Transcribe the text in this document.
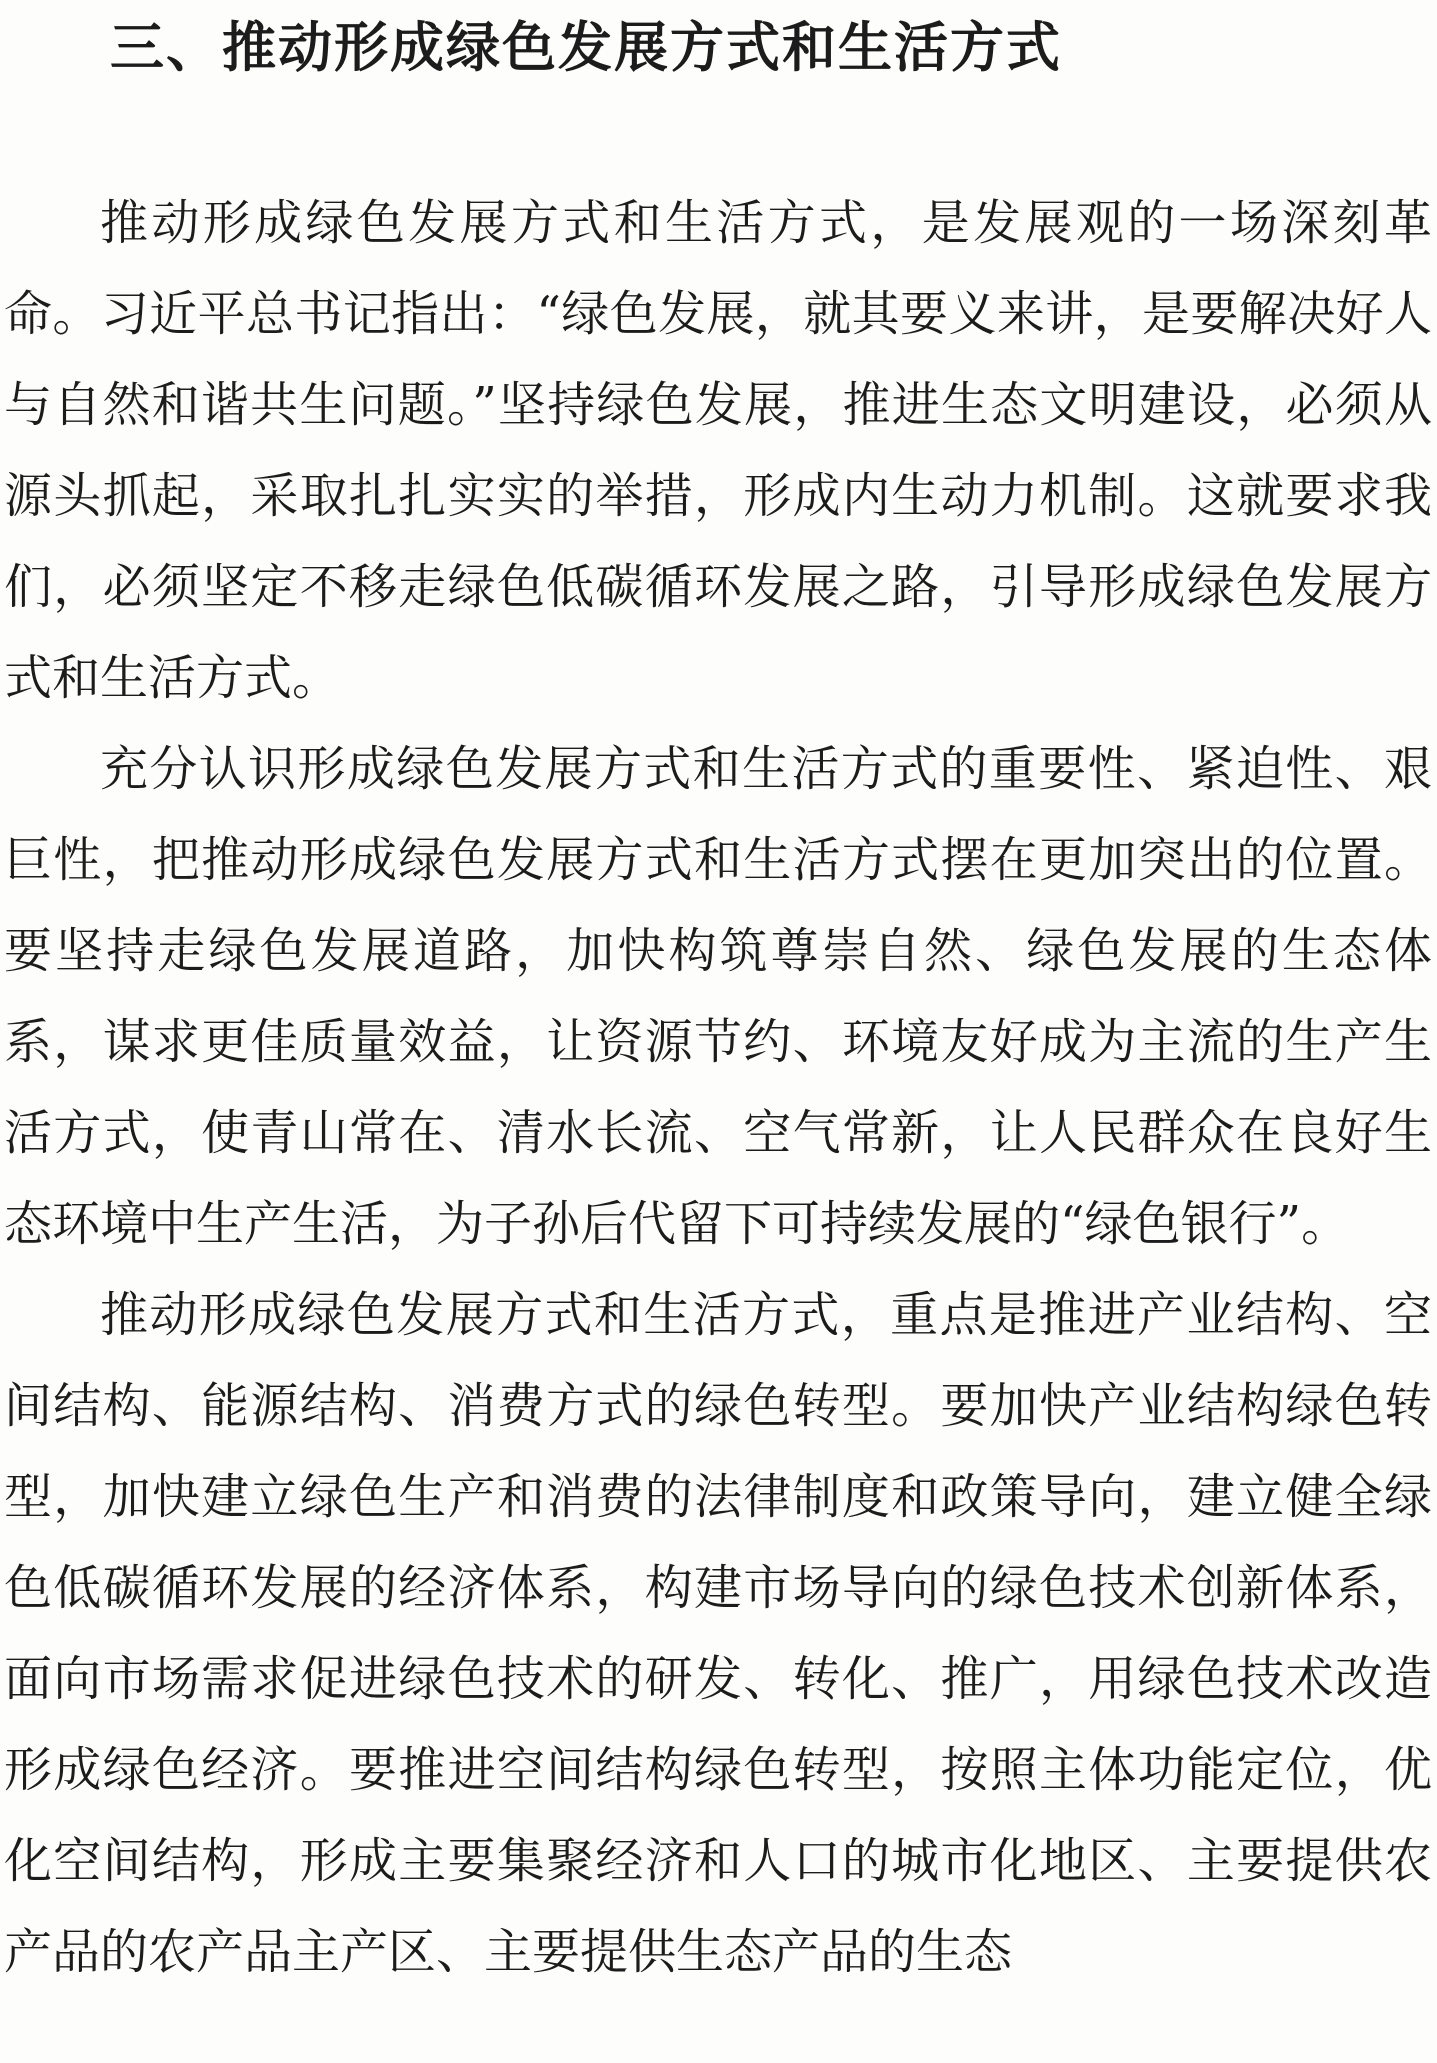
三、推动形成绿色发展方式和生活方式

推动形成绿色发展方式和生活方式，是发展观的一场深刻革命。习近平总书记指出：“绿色发展，就其要义来讲，是要解决好人与自然和谐共生问题。”坚持绿色发展，推进生态文明建设，必须从源头抓起，采取扎扎实实的举措，形成内生动力机制。这就要求我们，必须坚定不移走绿色低碳循环发展之路，引导形成绿色发展方式和生活方式。

充分认识形成绿色发展方式和生活方式的重要性、紧迫性、艰巨性，把推动形成绿色发展方式和生活方式摆在更加突出的位置。要坚持走绿色发展道路，加快构筑尊崇自然、绿色发展的生态体系，谋求更佳质量效益，让资源节约、环境友好成为主流的生产生活方式，使青山常在、清水长流、空气常新，让人民群众在良好生态环境中生产生活，为子孙后代留下可持续发展的“绿色银行”。

推动形成绿色发展方式和生活方式，重点是推进产业结构、空间结构、能源结构、消费方式的绿色转型。要加快产业结构绿色转型，加快建立绿色生产和消费的法律制度和政策导向，建立健全绿色低碳循环发展的经济体系，构建市场导向的绿色技术创新体系，面向市场需求促进绿色技术的研发、转化、推广，用绿色技术改造形成绿色经济。要推进空间结构绿色转型，按照主体功能定位，优化空间结构，形成主要集聚经济和人口的城市化地区、主要提供农产品的农产品主产区、主要提供生态产品的生态
